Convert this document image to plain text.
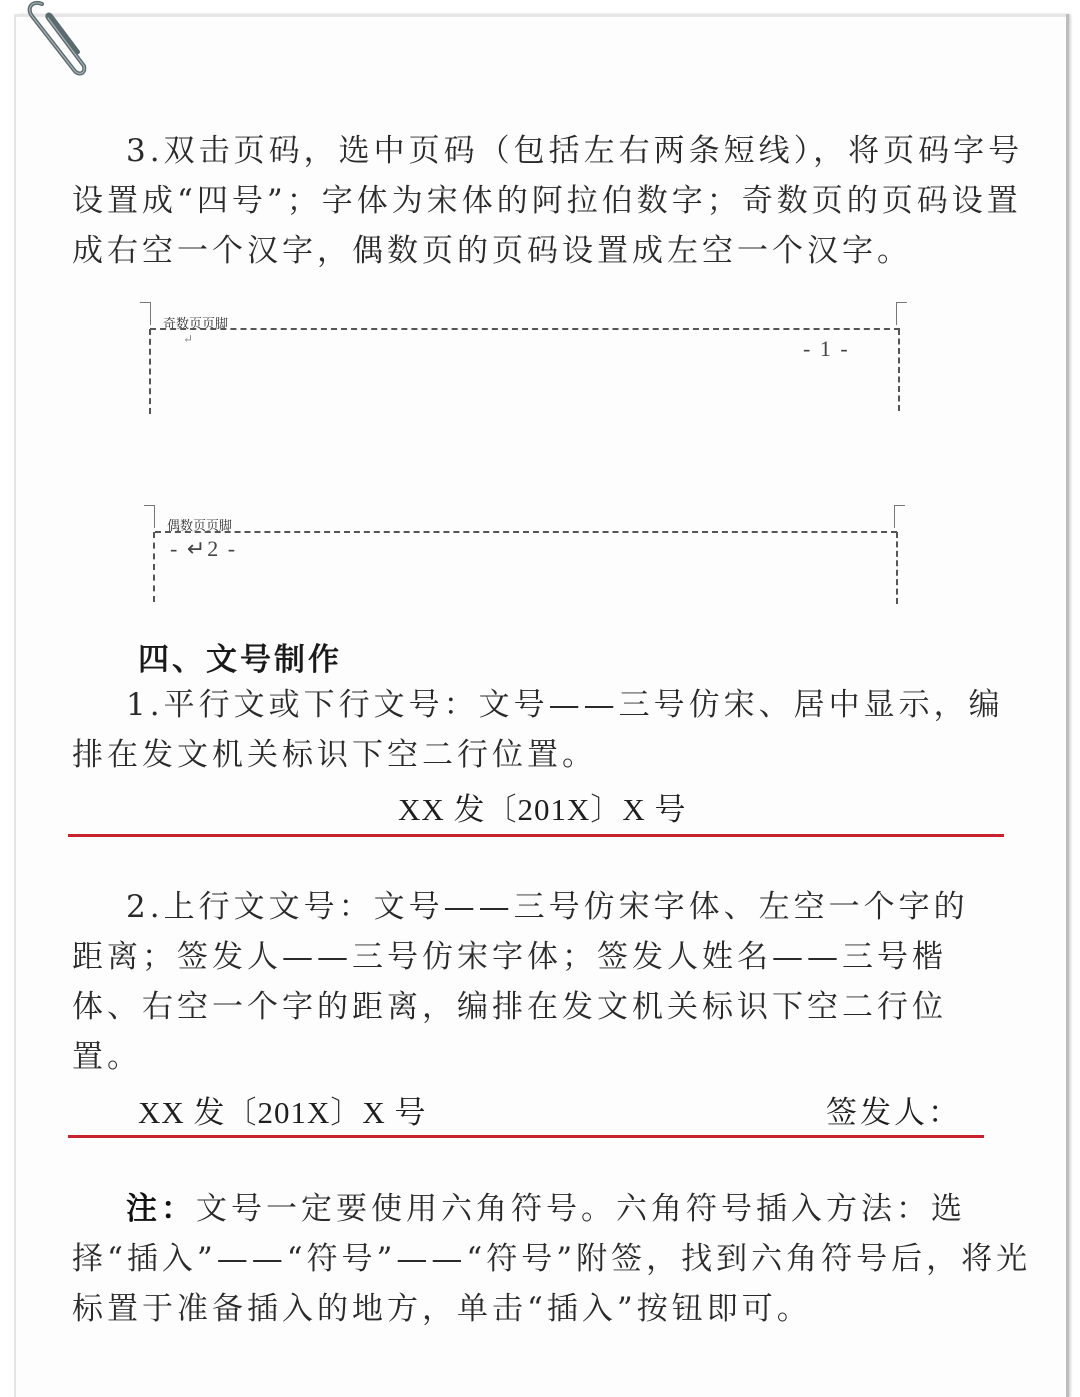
3.双击页码，选中页码（包括左右两条短线），将页码字号设置成“四号”；字体为宋体的阿拉伯数字；奇数页的页码设置成右空一个汉字，偶数页的页码设置成左空一个汉字。

奇数页页脚
↵	- 1 -
偶数页页脚
- ↵2 -
四、文号制作

1.平行文或下行文号：文号——三号仿宋、居中显示，编排在发文机关标识下空二行位置。

XX 发〔201X〕X 号

2.上行文文号：文号——三号仿宋字体、左空一个字的距离；签发人——三号仿宋字体；签发人姓名——三号楷体、右空一个字的距离，编排在发文机关标识下空二行位置。

XX 发〔201X〕X 号	签发人：

注：文号一定要使用六角符号。六角符号插入方法：选择“插入”——“符号”——“符号”附签，找到六角符号后，将光标置于准备插入的地方，单击“插入”按钮即可。
